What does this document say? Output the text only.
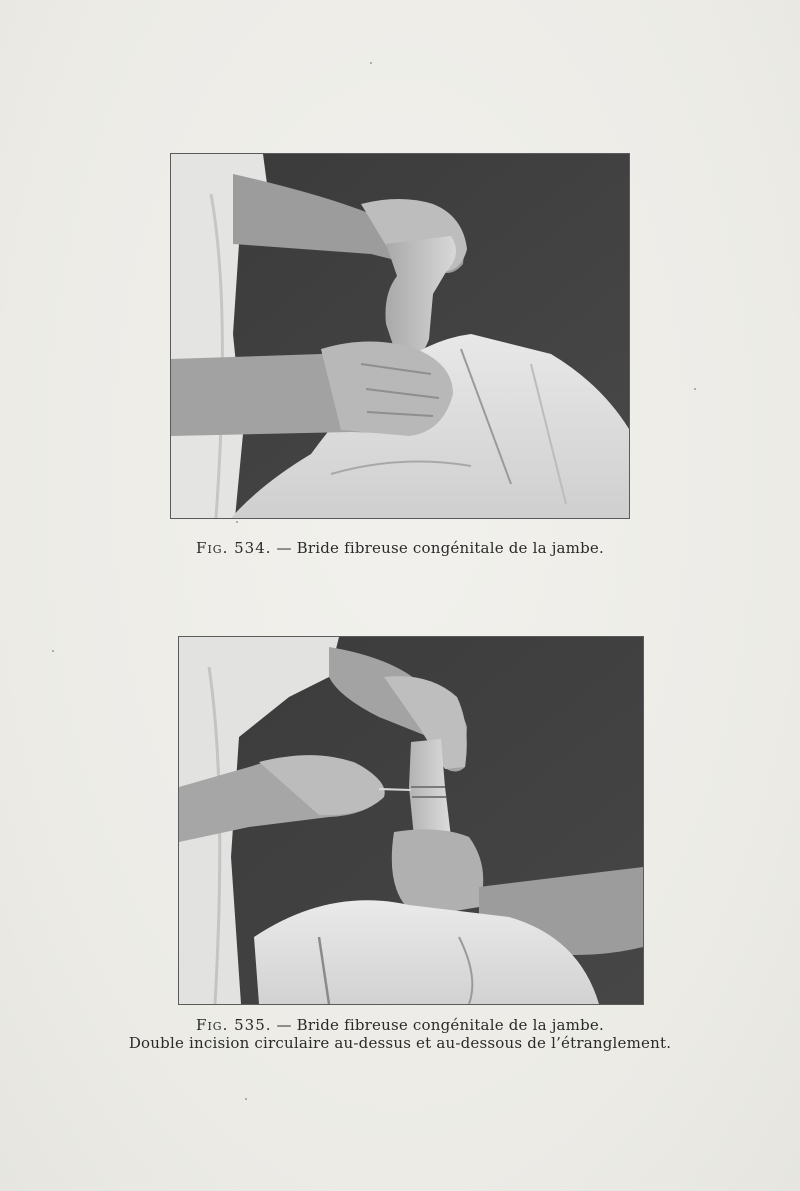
Fig. 534. — Bride fibreuse congénitale de la jambe.
Fig. 535. — Bride fibreuse congénitale de la jambe.
Double incision circulaire au-dessus et au-dessous de l’étranglement.
